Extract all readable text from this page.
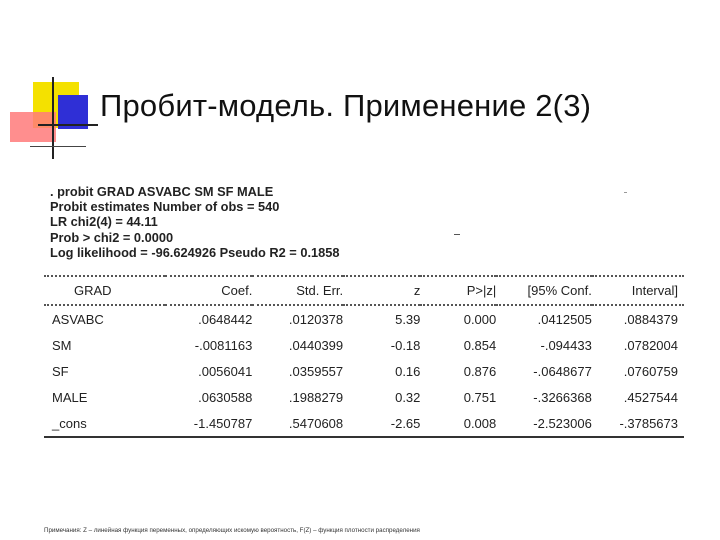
Пробит-модель. Применение 2(3)
. probit GRAD ASVABC SM SF MALE
Probit estimates Number of obs = 540
LR chi2(4) = 44.11
Prob > chi2 = 0.0000
Log likelihood = -96.624926 Pseudo R2 = 0.1858
GRAD	Coef.	Std. Err.	z	P>|z|	[95% Conf.	Interval]
ASVABC	.0648442	.0120378	5.39	0.000	.0412505	.0884379
SM	-.0081163	.0440399	-0.18	0.854	-.094433	.0782004
SF	.0056041	.0359557	0.16	0.876	-.0648677	.0760759
MALE	.0630588	.1988279	0.32	0.751	-.3266368	.4527544
_cons	-1.450787	.5470608	-2.65	0.008	-2.523006	-.3785673
Примечания: Z – линейная функция переменных, определяющих искомую вероятность, F(Z) – функция плотности распределения
